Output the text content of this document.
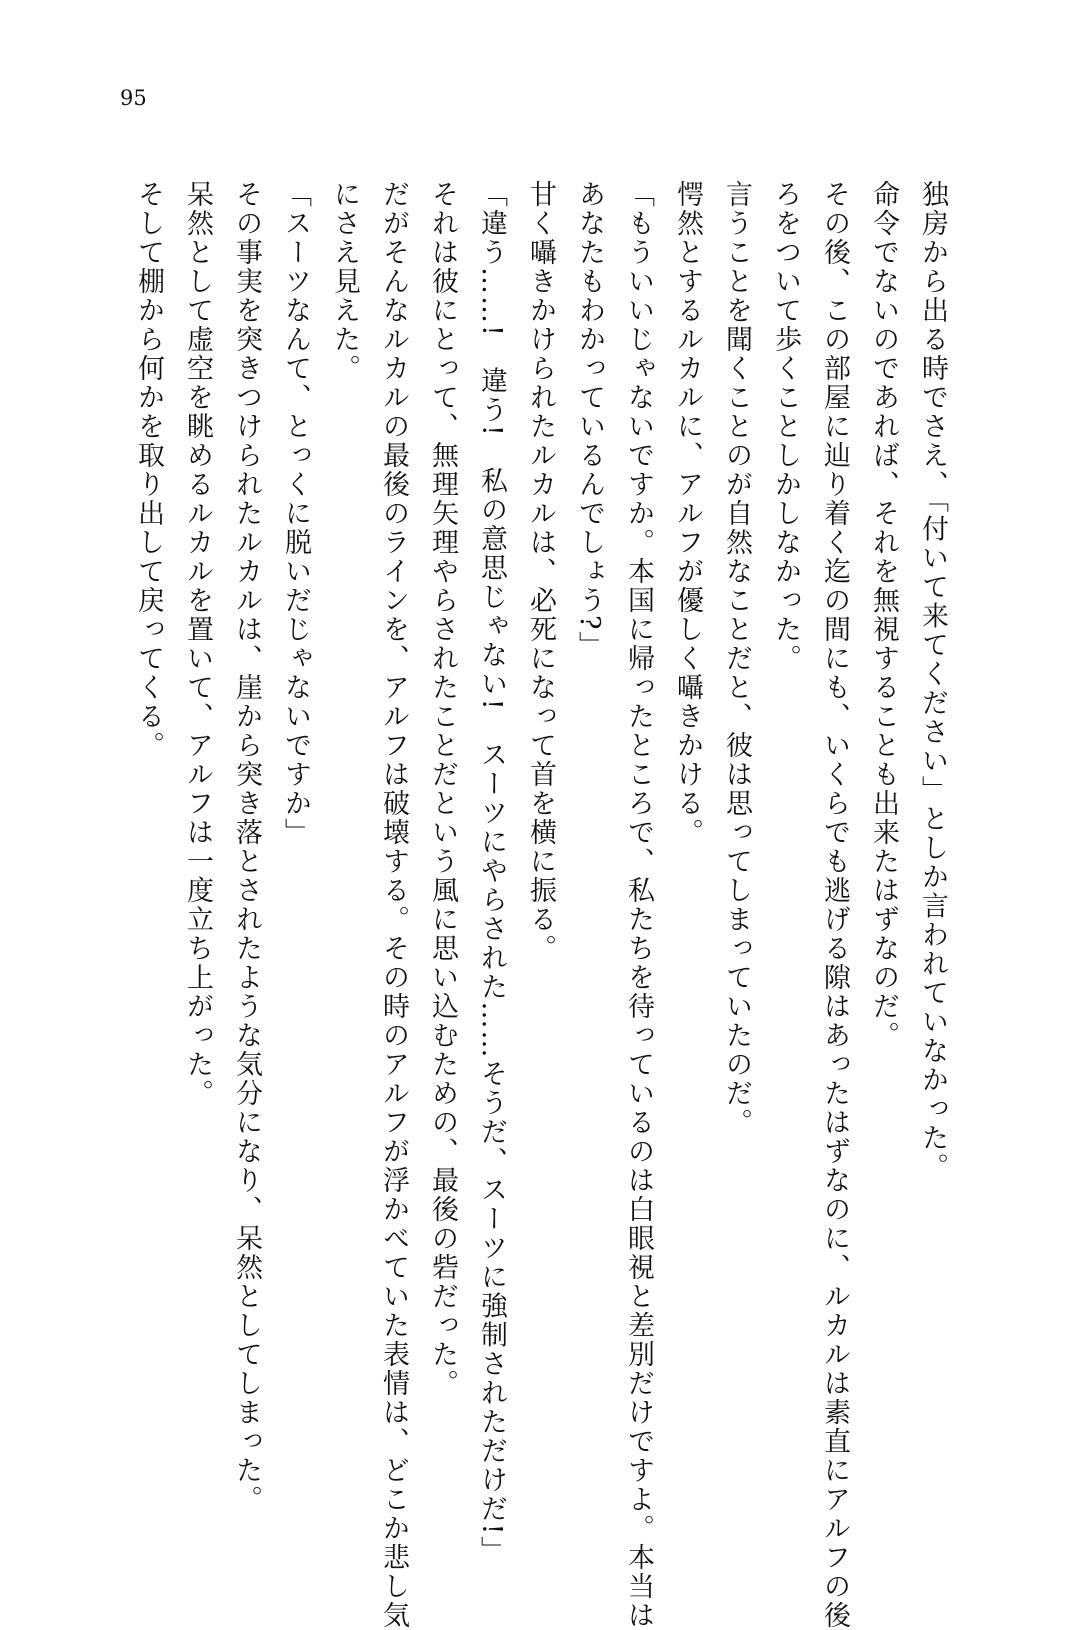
95

独房から出る時でさえ、「付いて来てください」としか言われていなかった。

命令でないのであれば、それを無視することも出来たはずなのだ。

その後、この部屋に辿り着く迄の間にも、いくらでも逃げる隙はあったはずなのに、ルカルは素直にアルフの後

ろをついて歩くことしかしなかった。

言うことを聞くことのが自然なことだと、彼は思ってしまっていたのだ。

愕然とするルカルに、アルフが優しく囁きかける。

「もういいじゃないですか。本国に帰ったところで、私たちを待っているのは白眼視と差別だけですよ。本当は

あなたもわかっているんでしょう?」

甘く囁きかけられたルカルは、必死になって首を横に振る。

「違う……!　違う!　私の意思じゃない!　スーツにやらされた……そうだ、スーツに強制されただけだ!」

それは彼にとって、無理矢理やらされたことだという風に思い込むための、最後の砦だった。

だがそんなルカルの最後のラインを、アルフは破壊する。その時のアルフが浮かべていた表情は、どこか悲し気

にさえ見えた。

「スーツなんて、とっくに脱いだじゃないですか」

その事実を突きつけられたルカルは、崖から突き落とされたような気分になり、呆然としてしまった。

呆然として虚空を眺めるルカルを置いて、アルフは一度立ち上がった。

そして棚から何かを取り出して戻ってくる。
